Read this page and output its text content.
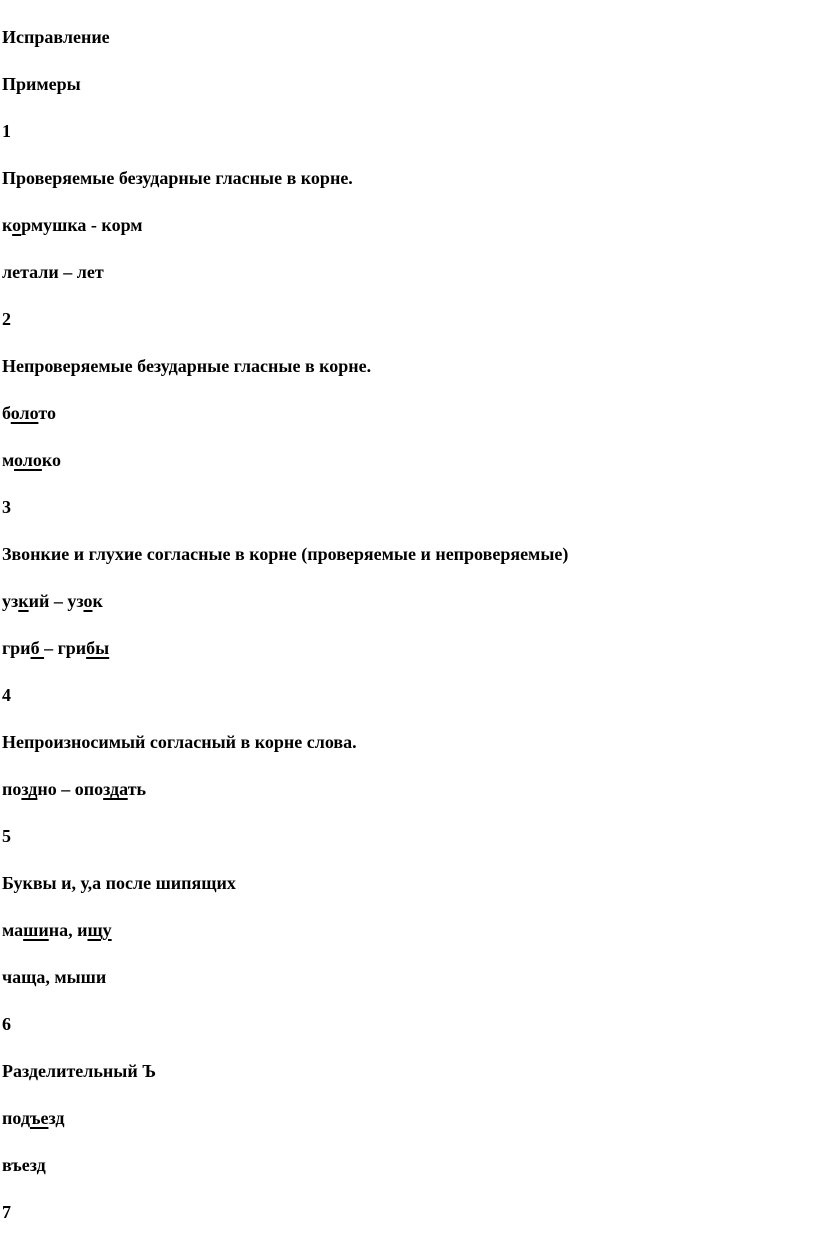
Исправление
Примеры
1
Проверяемые безударные гласные в корне.
кормушка - корм
летали – лет
2
Непроверяемые безударные гласные в корне.
болото
молоко
3
Звонкие и глухие согласные в корне (проверяемые и непроверяемые)
узкий – узок
гриб – грибы
4
Непроизносимый согласный в корне слова.
поздно – опоздать
5
Буквы и, у,а после шипящих
машина, ищу
чаща, мыши
6
Разделительный Ъ
подъезд
въезд
7
